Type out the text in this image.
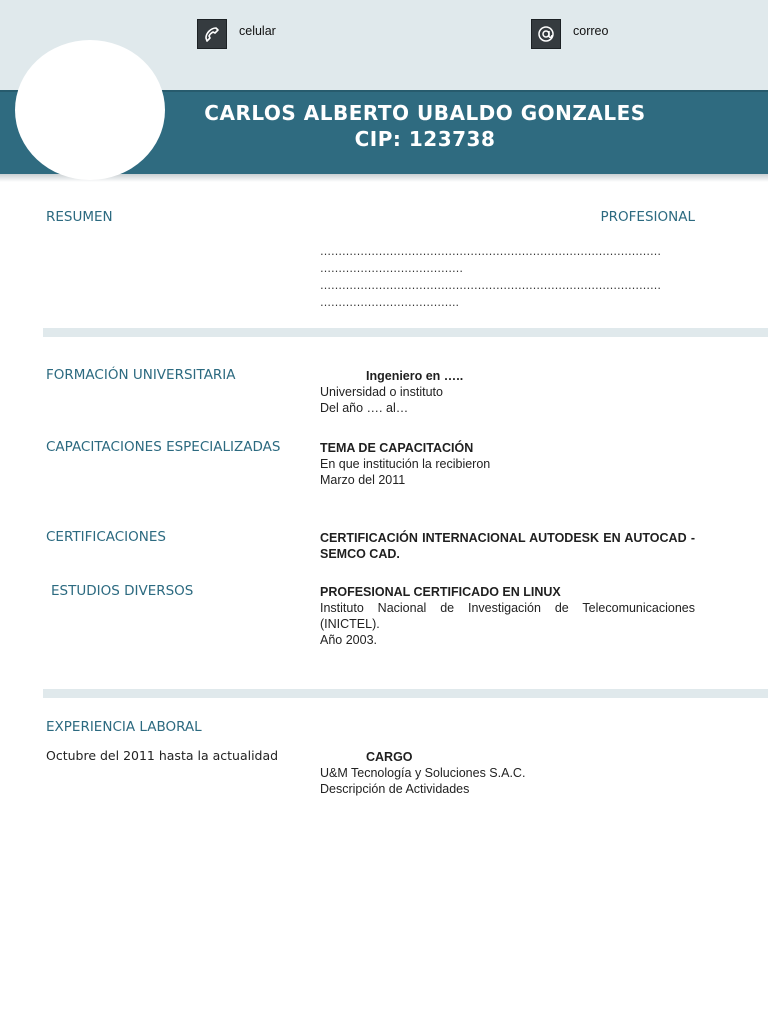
celular	correo
CARLOS ALBERTO UBALDO GONZALES
CIP: 123738
RESUMEN	PROFESIONAL
…………………………………………………………………………………
…………………………………
…………………………………………………………………………………
………………………………..
FORMACIÓN UNIVERSITARIA	Ingeniero en …..
Universidad o instituto
Del año …. al…
CAPACITACIONES ESPECIALIZADAS	TEMA DE CAPACITACIÓN
En que institución la recibieron
Marzo del 2011
CERTIFICACIONES	CERTIFICACIÓN INTERNACIONAL AUTODESK EN AUTOCAD - SEMCO CAD.
ESTUDIOS DIVERSOS	PROFESIONAL CERTIFICADO EN LINUX
Instituto Nacional de Investigación de Telecomunicaciones (INICTEL).
Año 2003.
EXPERIENCIA LABORAL
Octubre del 2011 hasta la actualidad	CARGO
U&M Tecnología y Soluciones S.A.C.
Descripción de Actividades
